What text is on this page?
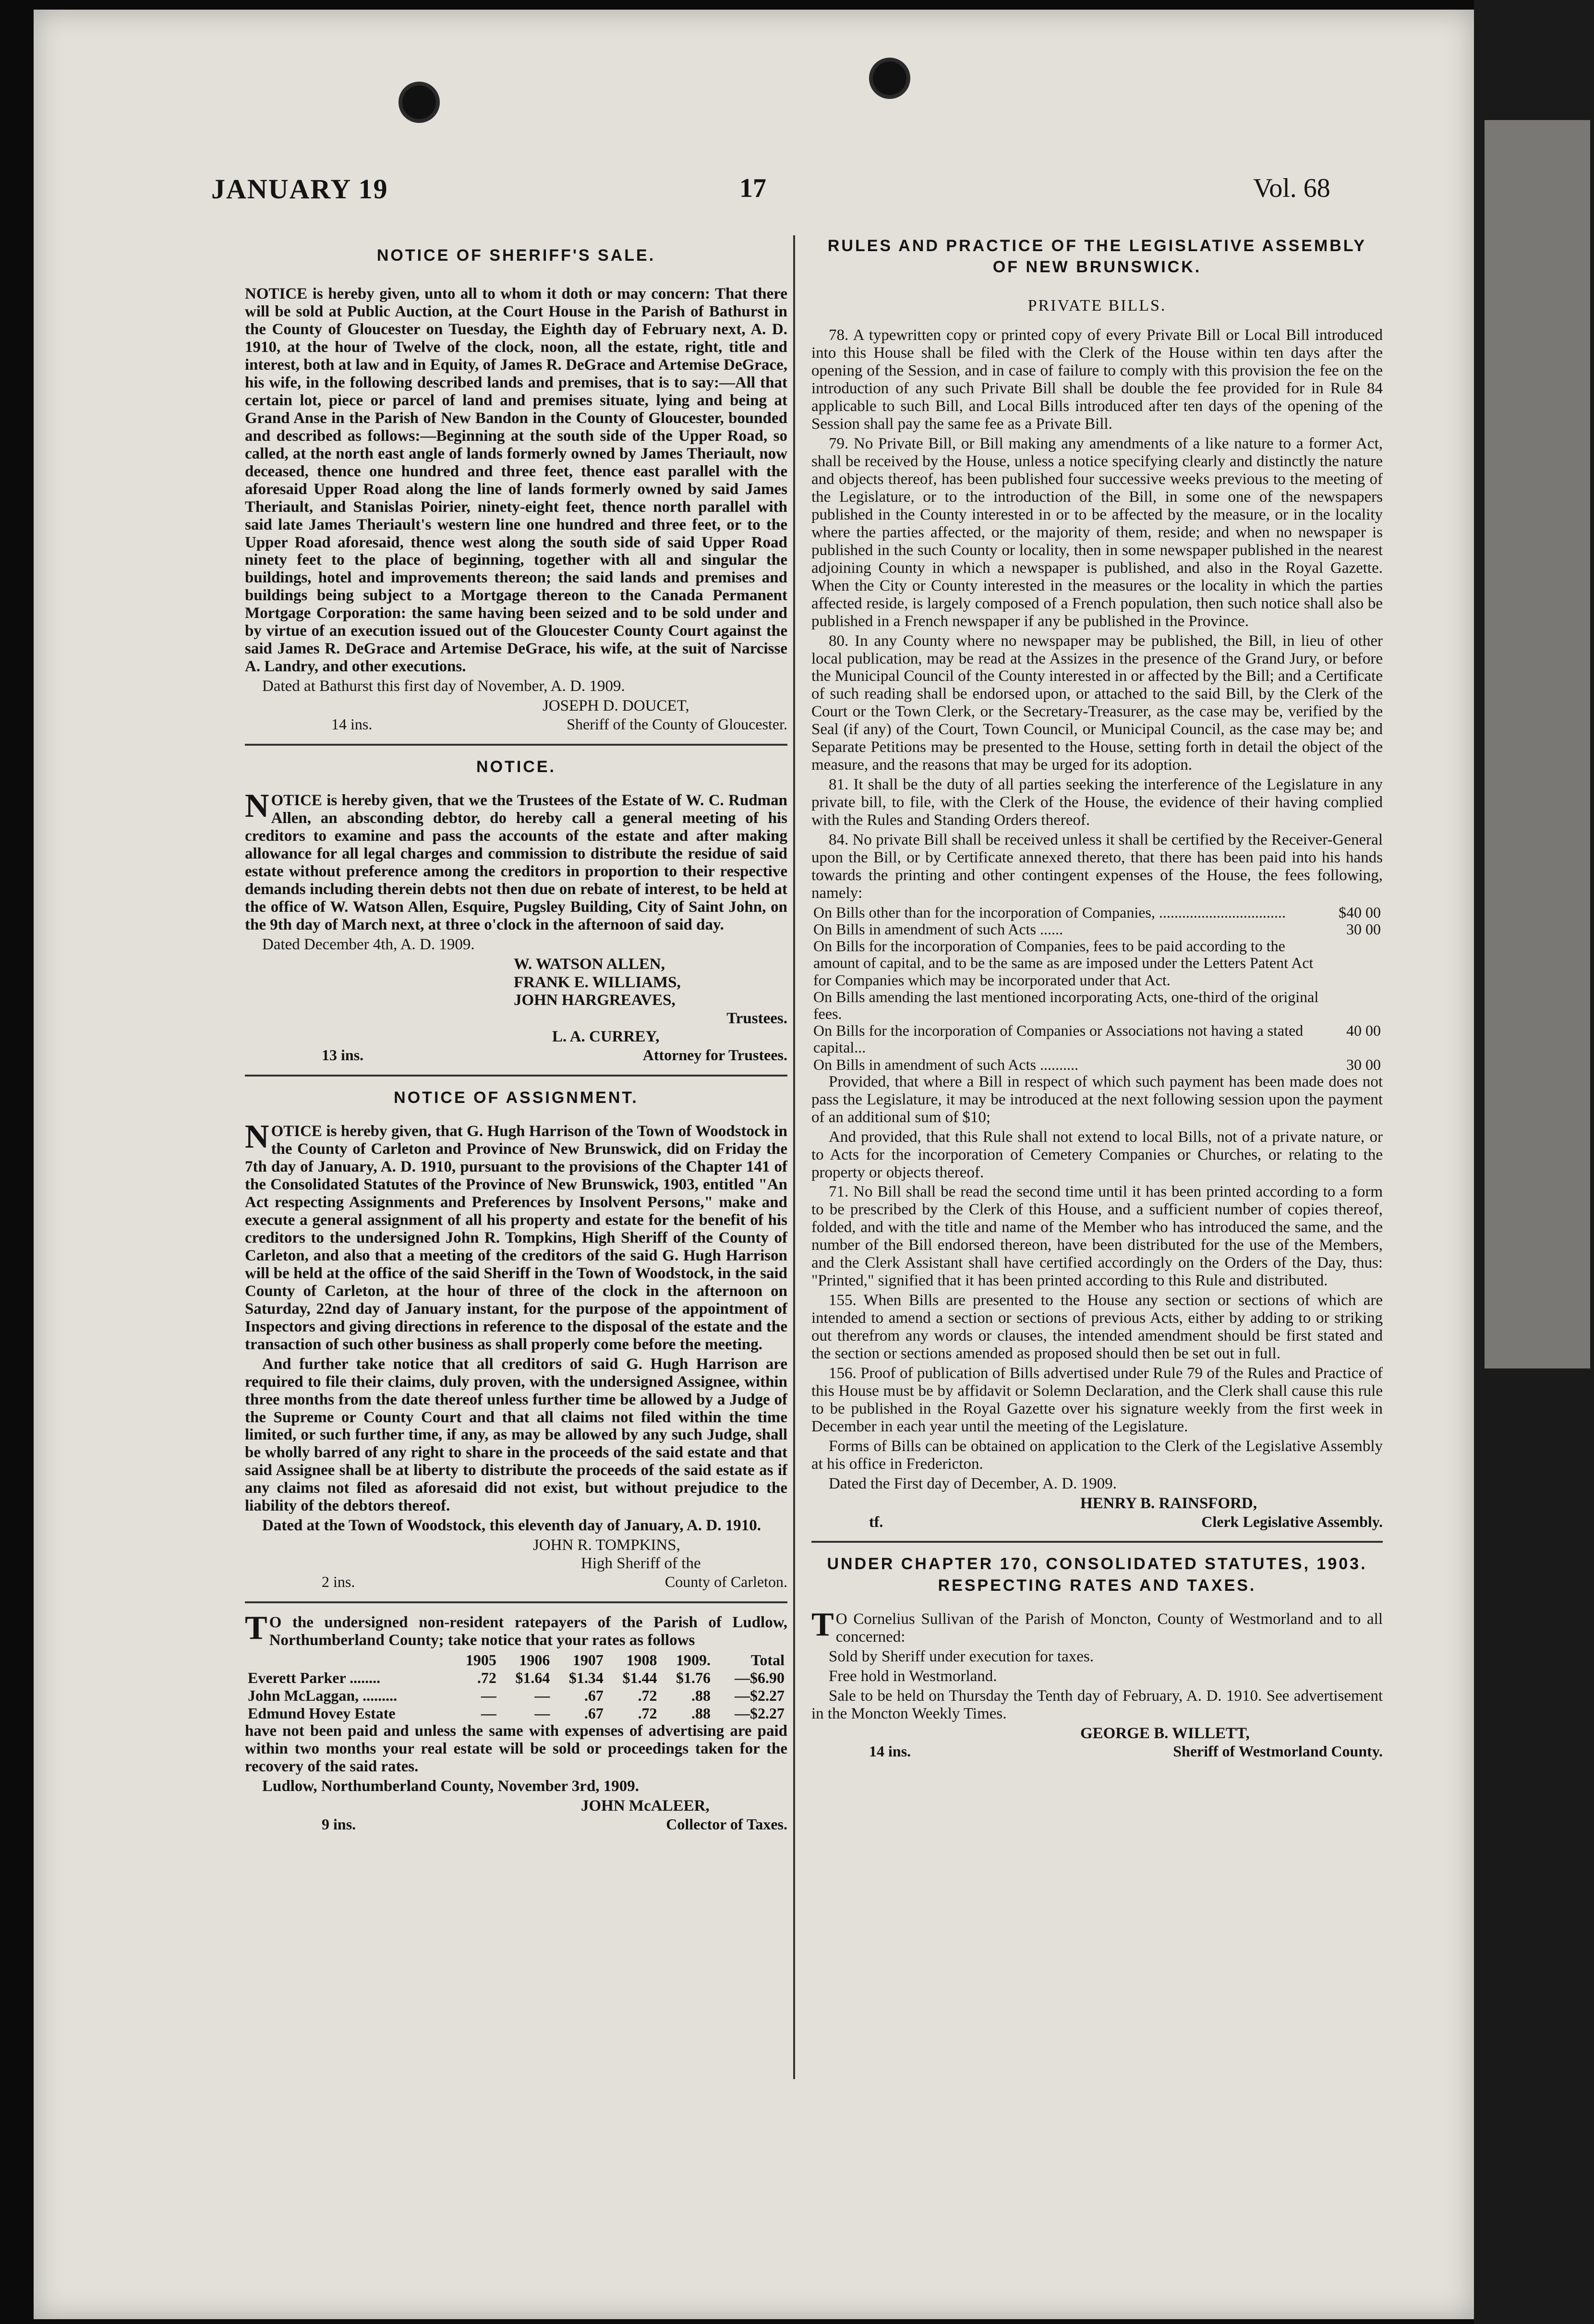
JANUARY 19	17	Vol. 68

NOTICE OF SHERIFF'S SALE.

NOTICE is hereby given, unto all to whom it doth or may concern: That there will be sold at Public Auction, at the Court House in the Parish of Bathurst in the County of Gloucester on Tuesday, the Eighth day of February next, A. D. 1910, at the hour of Twelve of the clock, noon, all the estate, right, title and interest, both at law and in Equity, of James R. DeGrace and Artemise DeGrace, his wife, in the following described lands and premises, that is to say:—All that certain lot, piece or parcel of land and premises situate, lying and being at Grand Anse in the Parish of New Bandon in the County of Gloucester, bounded and described as follows:—Beginning at the south side of the Upper Road, so called, at the north east angle of lands formerly owned by James Theriault, now deceased, thence one hundred and three feet, thence east parallel with the aforesaid Upper Road along the line of lands formerly owned by said James Theriault, and Stanislas Poirier, ninety-eight feet, thence north parallel with said late James Theriault's western line one hundred and three feet, or to the Upper Road aforesaid, thence west along the south side of said Upper Road ninety feet to the place of beginning, together with all and singular the buildings, hotel and improvements thereon; the said lands and premises and buildings being subject to a Mortgage thereon to the Canada Permanent Mortgage Corporation: the same having been seized and to be sold under and by virtue of an execution issued out of the Gloucester County Court against the said James R. DeGrace and Artemise DeGrace, his wife, at the suit of Narcisse A. Landry, and other executions.

Dated at Bathurst this first day of November, A. D. 1909.

JOSEPH D. DOUCET,

14 ins.	Sheriff of the County of Gloucester.

NOTICE.

NOTICE is hereby given, that we the Trustees of the Estate of W. C. Rudman Allen, an absconding debtor, do hereby call a general meeting of his creditors to examine and pass the accounts of the estate and after making allowance for all legal charges and commission to distribute the residue of said estate without preference among the creditors in proportion to their respective demands including therein debts not then due on rebate of interest, to be held at the office of W. Watson Allen, Esquire, Pugsley Building, City of Saint John, on the 9th day of March next, at three o'clock in the afternoon of said day.

Dated December 4th, A. D. 1909.

W. WATSON ALLEN,

FRANK E. WILLIAMS,

JOHN HARGREAVES,

Trustees.

L. A. CURREY,

13 ins.	Attorney for Trustees.

NOTICE OF ASSIGNMENT.

NOTICE is hereby given, that G. Hugh Harrison of the Town of Woodstock in the County of Carleton and Province of New Brunswick, did on Friday the 7th day of January, A. D. 1910, pursuant to the provisions of the Chapter 141 of the Consolidated Statutes of the Province of New Brunswick, 1903, entitled "An Act respecting Assignments and Preferences by Insolvent Persons," make and execute a general assignment of all his property and estate for the benefit of his creditors to the undersigned John R. Tompkins, High Sheriff of the County of Carleton, and also that a meeting of the creditors of the said G. Hugh Harrison will be held at the office of the said Sheriff in the Town of Woodstock, in the said County of Carleton, at the hour of three of the clock in the afternoon on Saturday, 22nd day of January instant, for the purpose of the appointment of Inspectors and giving directions in reference to the disposal of the estate and the transaction of such other business as shall properly come before the meeting.

And further take notice that all creditors of said G. Hugh Harrison are required to file their claims, duly proven, with the undersigned Assignee, within three months from the date thereof unless further time be allowed by a Judge of the Supreme or County Court and that all claims not filed within the time limited, or such further time, if any, as may be allowed by any such Judge, shall be wholly barred of any right to share in the proceeds of the said estate and that said Assignee shall be at liberty to distribute the proceeds of the said estate as if any claims not filed as aforesaid did not exist, but without prejudice to the liability of the debtors thereof.

Dated at the Town of Woodstock, this eleventh day of January, A. D. 1910.

JOHN R. TOMPKINS,

High Sheriff of the

2 ins.	County of Carleton.

TO the undersigned non-resident ratepayers of the Parish of Ludlow, Northumberland County; take notice that your rates as follows

	1905	1906	1907	1908	1909.	Total
Everett Parker ........	.72	$1.64	$1.34	$1.44	$1.76	—$6.90
John McLaggan, .........	—	—	.67	.72	.88	—$2.27
Edmund Hovey Estate	—	—	.67	.72	.88	—$2.27

have not been paid and unless the same with expenses of advertising are paid within two months your real estate will be sold or proceedings taken for the recovery of the said rates.

Ludlow, Northumberland County, November 3rd, 1909.

JOHN McALEER,

9 ins.	Collector of Taxes.

RULES AND PRACTICE OF THE LEGISLATIVE ASSEMBLY OF NEW BRUNSWICK.

PRIVATE BILLS.

78. A typewritten copy or printed copy of every Private Bill or Local Bill introduced into this House shall be filed with the Clerk of the House within ten days after the opening of the Session, and in case of failure to comply with this provision the fee on the introduction of any such Private Bill shall be double the fee provided for in Rule 84 applicable to such Bill, and Local Bills introduced after ten days of the opening of the Session shall pay the same fee as a Private Bill.

79. No Private Bill, or Bill making any amendments of a like nature to a former Act, shall be received by the House, unless a notice specifying clearly and distinctly the nature and objects thereof, has been published four successive weeks previous to the meeting of the Legislature, or to the introduction of the Bill, in some one of the newspapers published in the County interested in or to be affected by the measure, or in the locality where the parties affected, or the majority of them, reside; and when no newspaper is published in the such County or locality, then in some newspaper published in the nearest adjoining County in which a newspaper is published, and also in the Royal Gazette. When the City or County interested in the measures or the locality in which the parties affected reside, is largely composed of a French population, then such notice shall also be published in a French newspaper if any be published in the Province.

80. In any County where no newspaper may be published, the Bill, in lieu of other local publication, may be read at the Assizes in the presence of the Grand Jury, or before the Municipal Council of the County interested in or affected by the Bill; and a Certificate of such reading shall be endorsed upon, or attached to the said Bill, by the Clerk of the Court or the Town Clerk, or the Secretary-Treasurer, as the case may be, verified by the Seal (if any) of the Court, Town Council, or Municipal Council, as the case may be; and Separate Petitions may be presented to the House, setting forth in detail the object of the measure, and the reasons that may be urged for its adoption.

81. It shall be the duty of all parties seeking the interference of the Legislature in any private bill, to file, with the Clerk of the House, the evidence of their having complied with the Rules and Standing Orders thereof.

84. No private Bill shall be received unless it shall be certified by the Receiver-General upon the Bill, or by Certificate annexed thereto, that there has been paid into his hands towards the printing and other contingent expenses of the House, the fees following, namely:

On Bills other than for the incorporation of Companies, .................................	$40 00
On Bills in amendment of such Acts ......	30 00
On Bills for the incorporation of Companies, fees to be paid according to the amount of capital, and to be the same as are imposed under the Letters Patent Act for Companies which may be incorporated under that Act.	
On Bills amending the last mentioned incorporating Acts, one-third of the original fees.	
On Bills for the incorporation of Companies or Associations not having a stated capital...	40 00
On Bills in amendment of such Acts ..........	30 00

Provided, that where a Bill in respect of which such payment has been made does not pass the Legislature, it may be introduced at the next following session upon the payment of an additional sum of $10;

And provided, that this Rule shall not extend to local Bills, not of a private nature, or to Acts for the incorporation of Cemetery Companies or Churches, or relating to the property or objects thereof.

71. No Bill shall be read the second time until it has been printed according to a form to be prescribed by the Clerk of this House, and a sufficient number of copies thereof, folded, and with the title and name of the Member who has introduced the same, and the number of the Bill endorsed thereon, have been distributed for the use of the Members, and the Clerk Assistant shall have certified accordingly on the Orders of the Day, thus: "Printed," signified that it has been printed according to this Rule and distributed.

155. When Bills are presented to the House any section or sections of which are intended to amend a section or sections of previous Acts, either by adding to or striking out therefrom any words or clauses, the intended amendment should be first stated and the section or sections amended as proposed should then be set out in full.

156. Proof of publication of Bills advertised under Rule 79 of the Rules and Practice of this House must be by affidavit or Solemn Declaration, and the Clerk shall cause this rule to be published in the Royal Gazette over his signature weekly from the first week in December in each year until the meeting of the Legislature.

Forms of Bills can be obtained on application to the Clerk of the Legislative Assembly at his office in Fredericton.

Dated the First day of December, A. D. 1909.

HENRY B. RAINSFORD,

tf.	Clerk Legislative Assembly.

UNDER CHAPTER 170, CONSOLIDATED STATUTES, 1903. RESPECTING RATES AND TAXES.

TO Cornelius Sullivan of the Parish of Moncton, County of Westmorland and to all concerned:

Sold by Sheriff under execution for taxes.

Free hold in Westmorland.

Sale to be held on Thursday the Tenth day of February, A. D. 1910. See advertisement in the Moncton Weekly Times.

GEORGE B. WILLETT,

14 ins.	Sheriff of Westmorland County.
